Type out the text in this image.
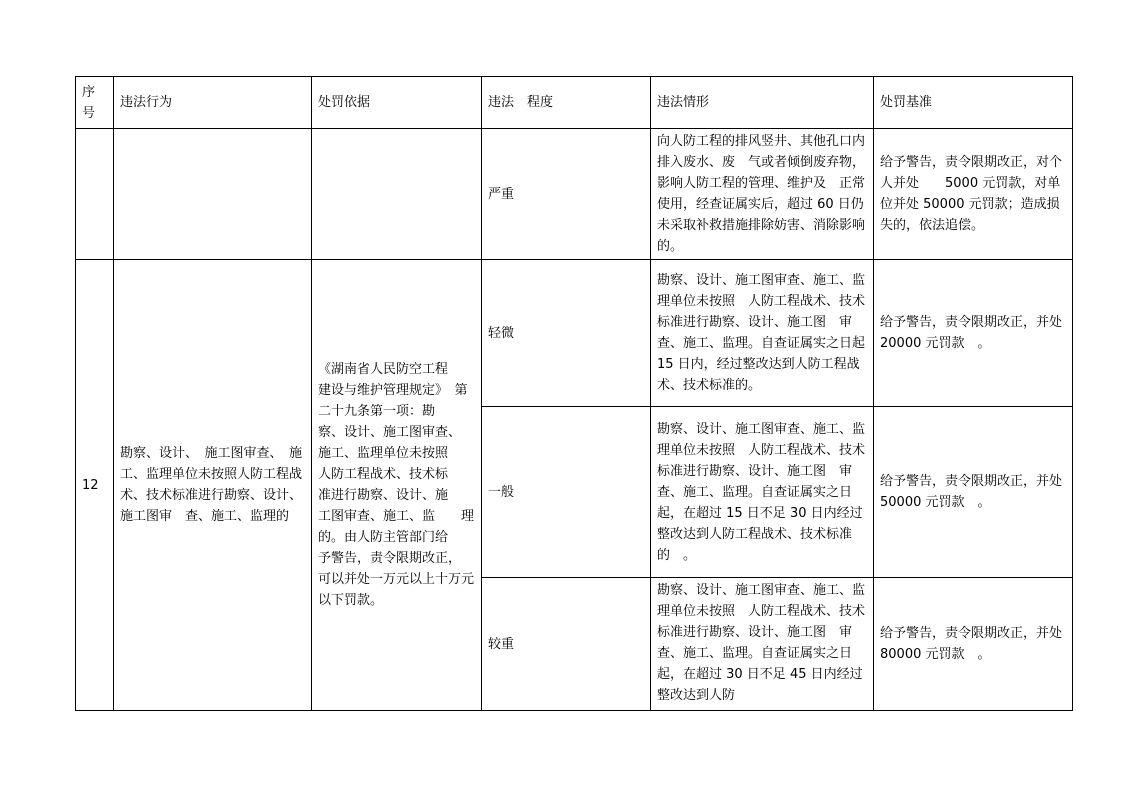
序号	违法行为	处罚依据	违法　程度	违法情形	处罚基准
			严重	向人防工程的排风竖井、其他孔口内排入废水、废　气或者倾倒废弃物，影响人防工程的管理、维护及　正常使用，经查证属实后，超过 60 日仍未采取补救措施排除妨害、消除影响的。	给予警告，责令限期改正，对个人并处　　5000 元罚款，对单位并处 50000 元罚款；造成损失的，依法追偿。
12	勘察、设计、　施工图审查、　施工、监理单位未按照人防工程战术、技术标准进行勘察、设计、施工图审　查、施工、监理的	《湖南省人民防空工程　　建设与维护管理规定》　第二十九条第一项：勘　　察、设计、施工图审查、　施工、监理单位未按照　　人防工程战术、技术标　　准进行勘察、设计、施　　工图审查、施工、监　　理　　的。由人防主管部门给　　予警告，责令限期改正，　可以并处一万元以上十万元以下罚款。	轻微	勘察、设计、施工图审查、施工、监理单位未按照　人防工程战术、技术标准进行勘察、设计、施工图　审查、施工、监理。自查证属实之日起 15 日内，经过整改达到人防工程战术、技术标准的。	给予警告，责令限期改正，并处 20000 元罚款　。
			一般	勘察、设计、施工图审查、施工、监理单位未按照　人防工程战术、技术标准进行勘察、设计、施工图　审查、施工、监理。自查证属实之日起，在超过 15 日不足 30 日内经过整改达到人防工程战术、技术标准 的　。	给予警告，责令限期改正，并处 50000 元罚款　。
			较重	勘察、设计、施工图审查、施工、监理单位未按照　人防工程战术、技术标准进行勘察、设计、施工图　审查、施工、监理。自查证属实之日起，在超过 30 日不足 45 日内经过整改达到人防	给予警告，责令限期改正，并处 80000 元罚款　。
